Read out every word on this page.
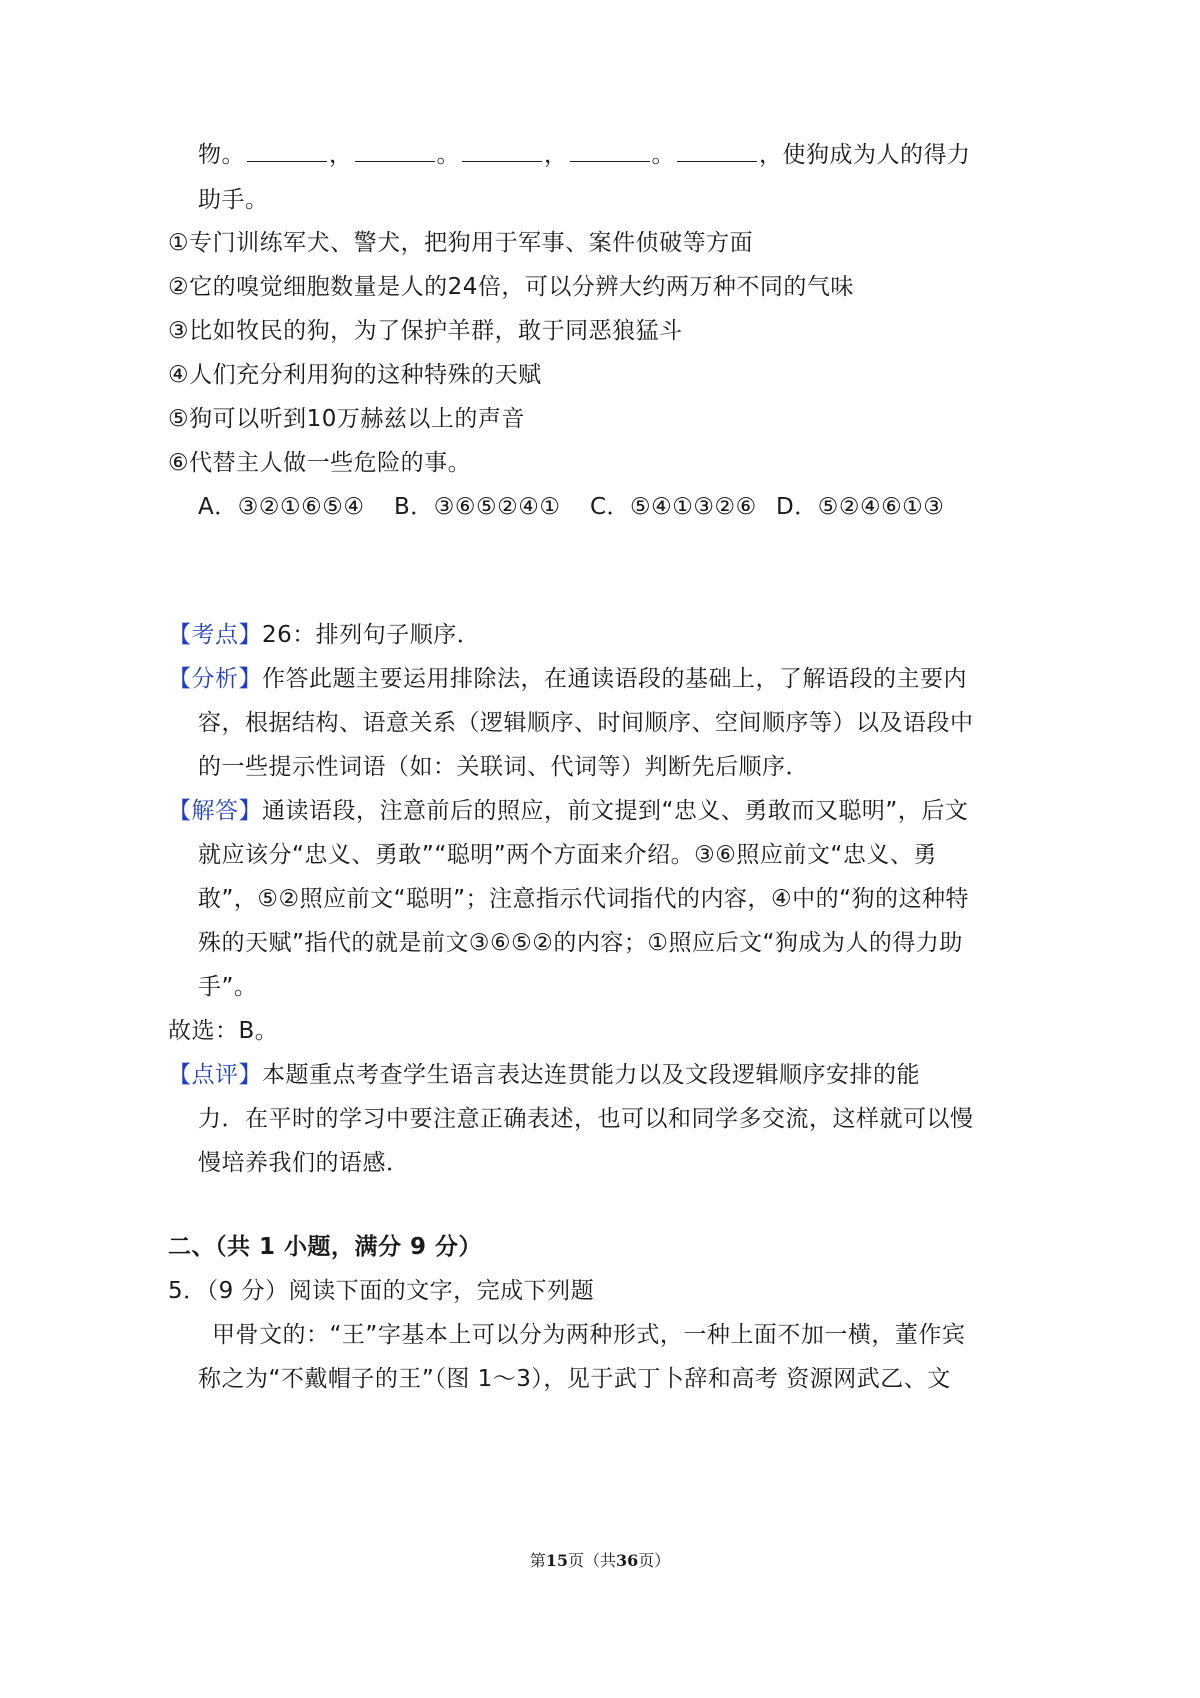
物。	，	。	，	。	，使狗成为人的得力
助手。
①专门训练军犬、警犬，把狗用于军事、案件侦破等方面
②它的嗅觉细胞数量是人的24倍，可以分辨大约两万种不同的气味
③比如牧民的狗，为了保护羊群，敢于同恶狼猛斗
④人们充分利用狗的这种特殊的天赋
⑤狗可以听到10万赫兹以上的声音
⑥代替主人做一些危险的事。
A．③②①⑥⑤④ B．③⑥⑤②④① C．⑤④①③②⑥ D．⑤②④⑥①③
【考点】26：排列句子顺序．
【分析】作答此题主要运用排除法，在通读语段的基础上，了解语段的主要内
容，根据结构、语意关系（逻辑顺序、时间顺序、空间顺序等）以及语段中
的一些提示性词语（如：关联词、代词等）判断先后顺序．
【解答】通读语段，注意前后的照应，前文提到“忠义、勇敢而又聪明”，后文
就应该分“忠义、勇敢”“聪明”两个方面来介绍。③⑥照应前文“忠义、勇
敢”，⑤②照应前文“聪明”；注意指示代词指代的内容，④中的“狗的这种特
殊的天赋”指代的就是前文③⑥⑤②的内容；①照应后文“狗成为人的得力助
手”。
故选：B。
【点评】本题重点考查学生语言表达连贯能力以及文段逻辑顺序安排的能
力．在平时的学习中要注意正确表述，也可以和同学多交流，这样就可以慢
慢培养我们的语感．
二、（共 1 小题，满分 9 分）
5．（9 分）阅读下面的文字，完成下列题
甲骨文的：“王”字基本上可以分为两种形式，一种上面不加一横，董作宾
称之为“不戴帽子的王”（图 1～3），见于武丁卜辞和高考 资源网武乙、文
第15页（共36页）
